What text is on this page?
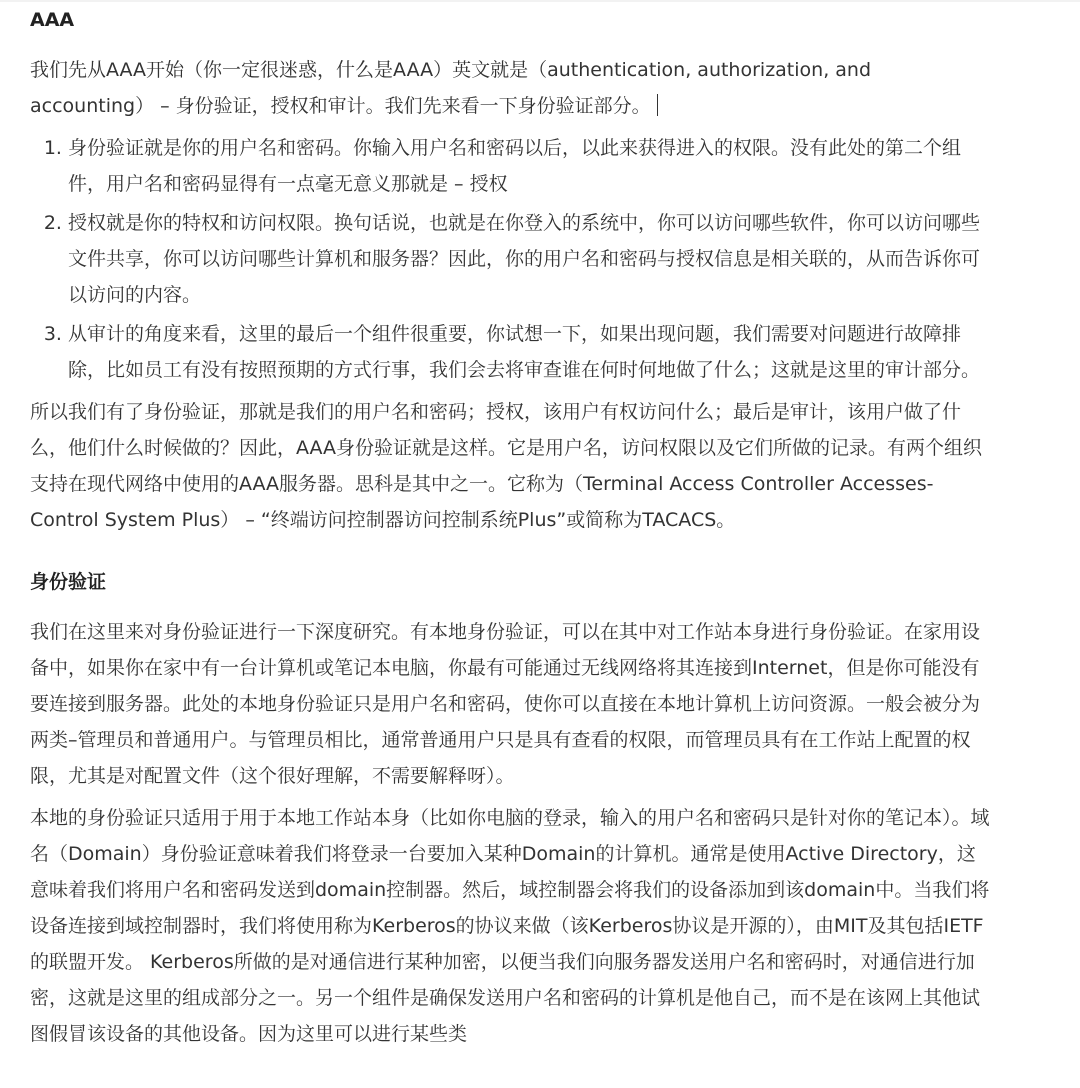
AAA

我们先从AAA开始（你一定很迷惑，什么是AAA）英文就是（authentication, authorization, and accounting） – 身份验证，授权和审计。我们先来看一下身份验证部分。

1. 身份验证就是你的用户名和密码。你输入用户名和密码以后，以此来获得进入的权限。没有此处的第二个组件，用户名和密码显得有一点毫无意义那就是 – 授权
2. 授权就是你的特权和访问权限。换句话说，也就是在你登入的系统中，你可以访问哪些软件，你可以访问哪些文件共享，你可以访问哪些计算机和服务器？因此，你的用户名和密码与授权信息是相关联的，从而告诉你可以访问的内容。
3. 从审计的角度来看，这里的最后一个组件很重要，你试想一下，如果出现问题，我们需要对问题进行故障排除，比如员工有没有按照预期的方式行事，我们会去将审查谁在何时何地做了什么；这就是这里的审计部分。

所以我们有了身份验证，那就是我们的用户名和密码；授权，该用户有权访问什么；最后是审计，该用户做了什么，他们什么时候做的？因此，AAA身份验证就是这样。它是用户名，访问权限以及它们所做的记录。有两个组织支持在现代网络中使用的AAA服务器。思科是其中之一。它称为（Terminal Access Controller Accesses-Control System Plus） – “终端访问控制器访问控制系统Plus”或简称为TACACS。

身份验证

我们在这里来对身份验证进行一下深度研究。有本地身份验证，可以在其中对工作站本身进行身份验证。在家用设备中，如果你在家中有一台计算机或笔记本电脑，你最有可能通过无线网络将其连接到Internet，但是你可能没有要连接到服务器。此处的本地身份验证只是用户名和密码，使你可以直接在本地计算机上访问资源。一般会被分为两类–管理员和普通用户。与管理员相比，通常普通用户只是具有查看的权限，而管理员具有在工作站上配置的权限，尤其是对配置文件（这个很好理解，不需要解释呀）。

本地的身份验证只适用于用于本地工作站本身（比如你电脑的登录，输入的用户名和密码只是针对你的笔记本）。域名（Domain）身份验证意味着我们将登录一台要加入某种Domain的计算机。通常是使用Active Directory，这意味着我们将用户名和密码发送到domain控制器。然后，域控制器会将我们的设备添加到该domain中。当我们将设备连接到域控制器时，我们将使用称为Kerberos的协议来做（该Kerberos协议是开源的），由MIT及其包括IETF的联盟开发。 Kerberos所做的是对通信进行某种加密，以便当我们向服务器发送用户名和密码时，对通信进行加密，这就是这里的组成部分之一。另一个组件是确保发送用户名和密码的计算机是他自己，而不是在该网上其他试图假冒该设备的其他设备。因为这里可以进行某些类
